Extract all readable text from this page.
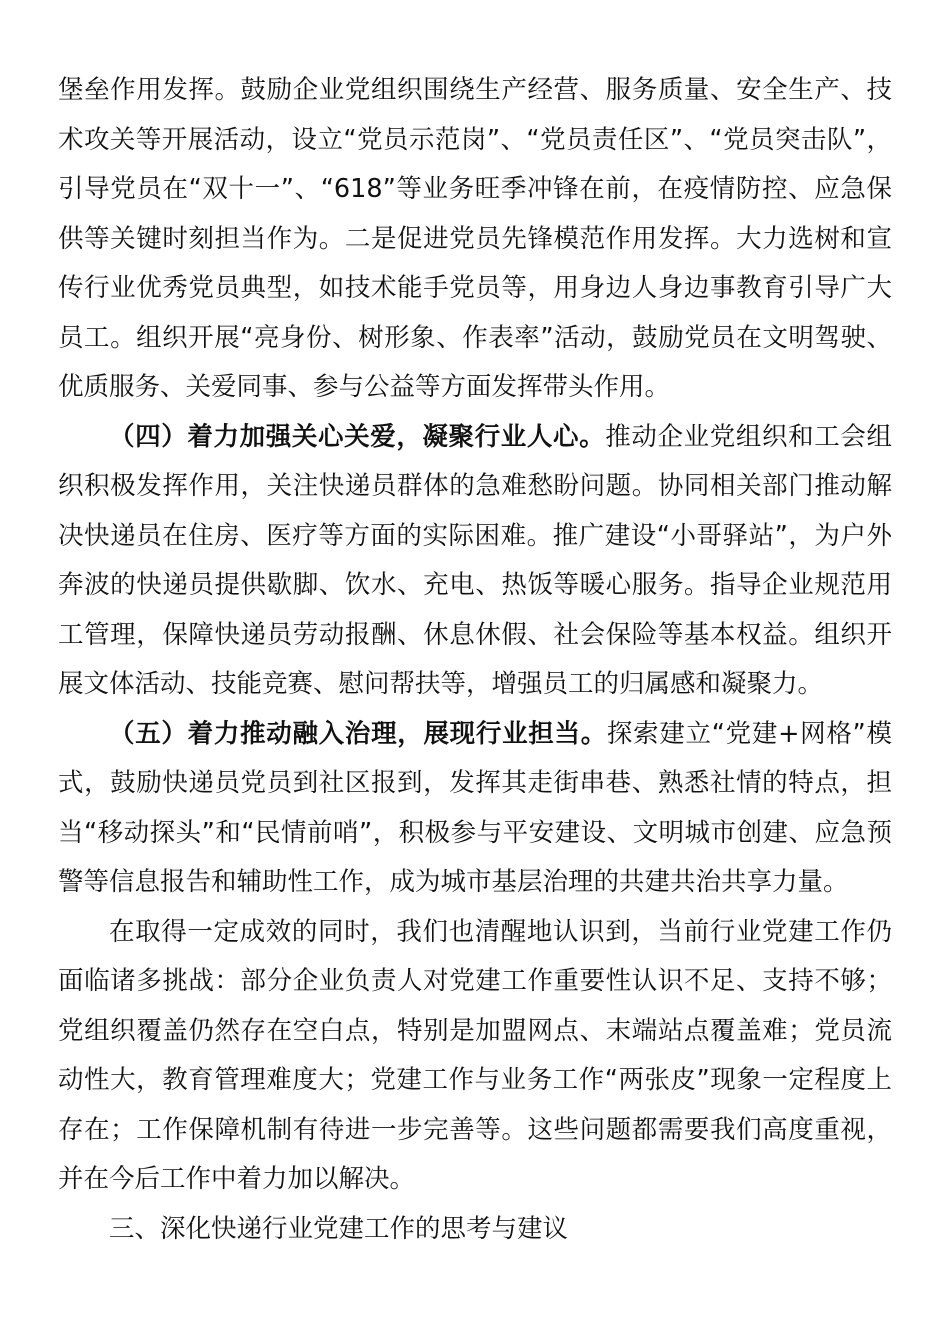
堡垒作用发挥。鼓励企业党组织围绕生产经营、服务质量、安全生产、技术攻关等开展活动，设立“党员示范岗”、“党员责任区”、“党员突击队”，引导党员在“双十一”、“618”等业务旺季冲锋在前，在疫情防控、应急保供等关键时刻担当作为。二是促进党员先锋模范作用发挥。大力选树和宣传行业优秀党员典型，如技术能手党员等，用身边人身边事教育引导广大员工。组织开展“亮身份、树形象、作表率”活动，鼓励党员在文明驾驶、优质服务、关爱同事、参与公益等方面发挥带头作用。

（四）着力加强关心关爱，凝聚行业人心。推动企业党组织和工会组织积极发挥作用，关注快递员群体的急难愁盼问题。协同相关部门推动解决快递员在住房、医疗等方面的实际困难。推广建设“小哥驿站”，为户外奔波的快递员提供歇脚、饮水、充电、热饭等暖心服务。指导企业规范用工管理，保障快递员劳动报酬、休息休假、社会保险等基本权益。组织开展文体活动、技能竞赛、慰问帮扶等，增强员工的归属感和凝聚力。

（五）着力推动融入治理，展现行业担当。探索建立“党建+网格”模式，鼓励快递员党员到社区报到，发挥其走街串巷、熟悉社情的特点，担当“移动探头”和“民情前哨”，积极参与平安建设、文明城市创建、应急预警等信息报告和辅助性工作，成为城市基层治理的共建共治共享力量。

在取得一定成效的同时，我们也清醒地认识到，当前行业党建工作仍面临诸多挑战：部分企业负责人对党建工作重要性认识不足、支持不够；党组织覆盖仍然存在空白点，特别是加盟网点、末端站点覆盖难；党员流动性大，教育管理难度大；党建工作与业务工作“两张皮”现象一定程度上存在；工作保障机制有待进一步完善等。这些问题都需要我们高度重视，并在今后工作中着力加以解决。

三、深化快递行业党建工作的思考与建议
